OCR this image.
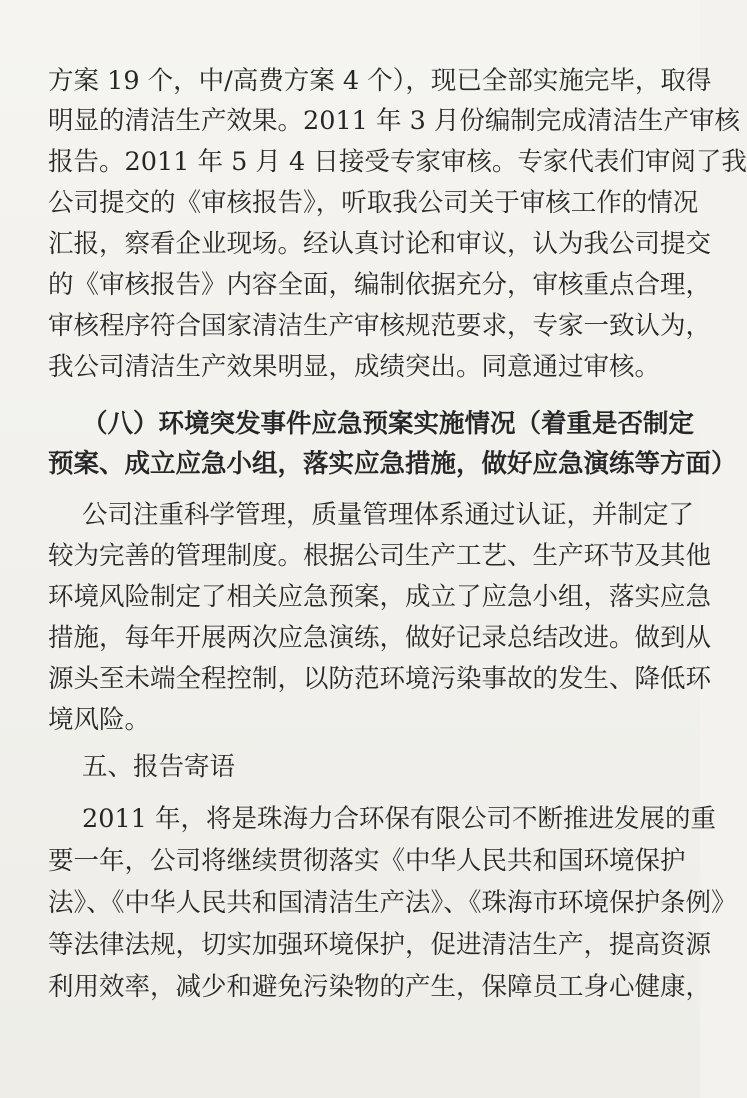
方案 19 个，中/高费方案 4 个），现已全部实施完毕，取得
明显的清洁生产效果。2011 年 3 月份编制完成清洁生产审核
报告。2011 年 5 月 4 日接受专家审核。专家代表们审阅了我
公司提交的《审核报告》，听取我公司关于审核工作的情况
汇报，察看企业现场。经认真讨论和审议，认为我公司提交
的《审核报告》内容全面，编制依据充分，审核重点合理，
审核程序符合国家清洁生产审核规范要求，专家一致认为，
我公司清洁生产效果明显，成绩突出。同意通过审核。
（八）环境突发事件应急预案实施情况（着重是否制定
预案、成立应急小组，落实应急措施，做好应急演练等方面）
公司注重科学管理，质量管理体系通过认证，并制定了
较为完善的管理制度。根据公司生产工艺、生产环节及其他
环境风险制定了相关应急预案，成立了应急小组，落实应急
措施，每年开展两次应急演练，做好记录总结改进。做到从
源头至未端全程控制，以防范环境污染事故的发生、降低环
境风险。
五、报告寄语
2011 年，将是珠海力合环保有限公司不断推进发展的重
要一年，公司将继续贯彻落实《中华人民共和国环境保护
法》、《中华人民共和国清洁生产法》、《珠海市环境保护条例》
等法律法规，切实加强环境保护，促进清洁生产，提高资源
利用效率，减少和避免污染物的产生，保障员工身心健康，
